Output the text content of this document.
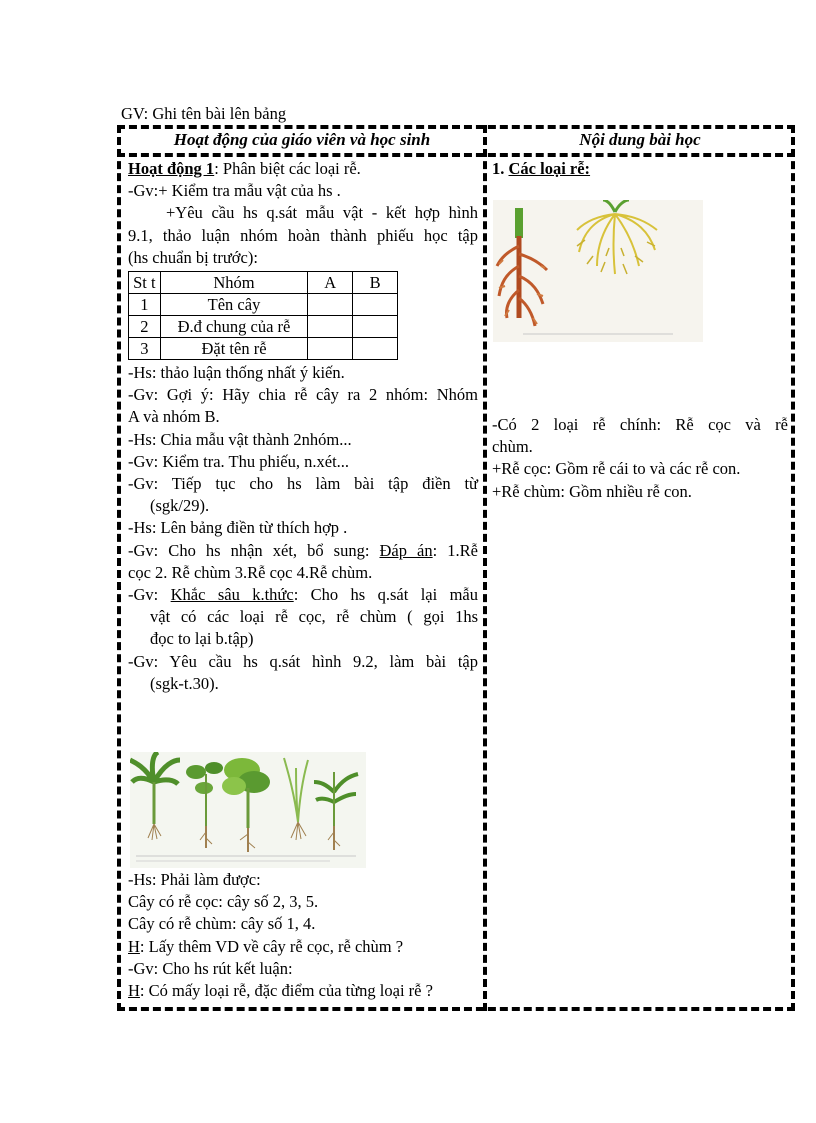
GV: Ghi tên bài lên bảng
Hoạt động của giáo viên và học sinh	Nội dung bài học

Hoạt động 1: Phân biệt các loại rễ.

-Gv:+ Kiểm tra mẫu vật của hs .

+Yêu cầu hs q.sát mẫu vật - kết hợp hình

9.1, thảo luận nhóm hoàn thành phiếu học tập

(hs chuẩn bị trước):

St t	Nhóm	A	B
1	Tên cây		
2	Đ.đ chung của rễ		
3	Đặt tên rễ		

-Hs: thảo luận thống nhất ý kiến.

-Gv: Gợi ý: Hãy chia rễ cây ra 2 nhóm: Nhóm

A và nhóm B.

-Hs: Chia mẫu vật thành 2nhóm...

-Gv: Kiểm tra. Thu phiếu, n.xét...

-Gv: Tiếp tục cho hs làm bài tập điền từ

(sgk/29).

-Hs: Lên bảng điền từ thích hợp .

-Gv: Cho hs nhận xét, bổ sung: Đáp án: 1.Rễ

cọc 2. Rễ chùm 3.Rễ cọc 4.Rễ chùm.

-Gv: Khắc sâu k.thức: Cho hs q.sát lại mẫu

vật có các loại rễ cọc, rễ chùm ( gọi 1hs

đọc to lại b.tập)

-Gv: Yêu cầu hs q.sát hình 9.2, làm bài tập

(sgk-t.30).

-Hs: Phải làm được:

Cây có rễ cọc: cây số 2, 3, 5.

Cây có rễ chùm: cây số 1, 4.

H: Lấy thêm VD về cây rễ cọc, rễ chùm ?

-Gv: Cho hs rút kết luận:

H: Có mấy loại rễ, đặc điểm của từng loại rễ ?

1. Các loại rễ:

-Có 2 loại rễ chính: Rễ cọc và rễ

chùm.

+Rễ cọc: Gồm rễ cái to và các rễ con.

+Rễ chùm: Gồm nhiều rễ con.
